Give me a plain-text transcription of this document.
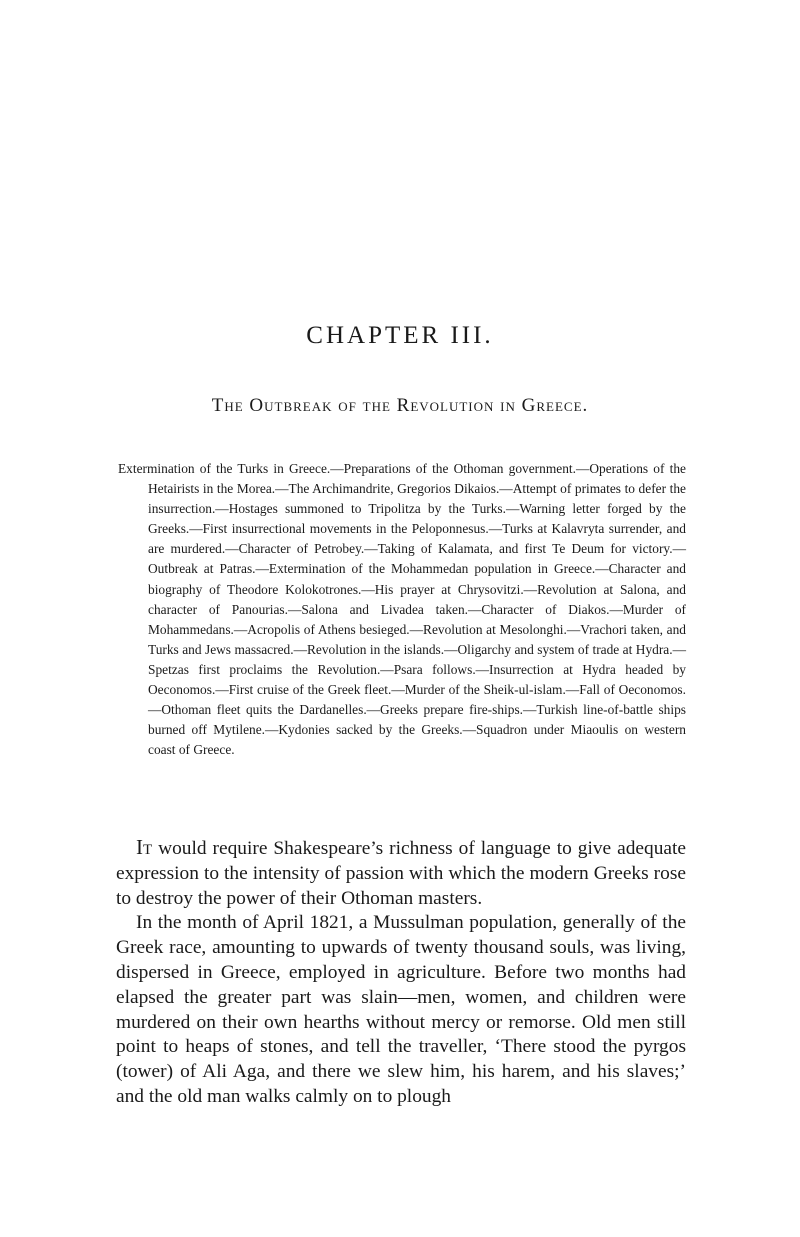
CHAPTER III.
The Outbreak of the Revolution in Greece.

Extermination of the Turks in Greece.—Preparations of the Othoman government.—Operations of the Hetairists in the Morea.—The Archimandrite, Gregorios Dikaios.—Attempt of primates to defer the insurrection.—Hostages summoned to Tripolitza by the Turks.—Warning letter forged by the Greeks.—First insurrectional movements in the Peloponnesus.—Turks at Kalavryta surrender, and are murdered.—Character of Petrobey.—Taking of Kalamata, and first Te Deum for victory.—Outbreak at Patras.—Extermination of the Mohammedan population in Greece.—Character and biography of Theodore Kolokotrones.—His prayer at Chrysovitzi.—Revolution at Salona, and character of Panourias.—Salona and Livadea taken.—Character of Diakos.—Murder of Mohammedans.—Acropolis of Athens besieged.—Revolution at Mesolonghi.—Vrachori taken, and Turks and Jews massacred.—Revolution in the islands.—Oligarchy and system of trade at Hydra.—Spetzas first proclaims the Revolution.—Psara follows.—Insurrection at Hydra headed by Oeconomos.—First cruise of the Greek fleet.—Murder of the Sheik-ul-islam.—Fall of Oeconomos.—Othoman fleet quits the Dardanelles.—Greeks prepare fire-ships.—Turkish line-of-battle ships burned off Mytilene.—Kydonies sacked by the Greeks.—Squadron under Miaoulis on western coast of Greece.

It would require Shakespeare’s richness of language to give adequate expression to the intensity of passion with which the modern Greeks rose to destroy the power of their Othoman masters.

In the month of April 1821, a Mussulman population, generally of the Greek race, amounting to upwards of twenty thousand souls, was living, dispersed in Greece, employed in agriculture. Before two months had elapsed the greater part was slain—men, women, and children were murdered on their own hearths without mercy or remorse. Old men still point to heaps of stones, and tell the traveller, ‘There stood the pyrgos (tower) of Ali Aga, and there we slew him, his harem, and his slaves;’ and the old man walks calmly on to plough
